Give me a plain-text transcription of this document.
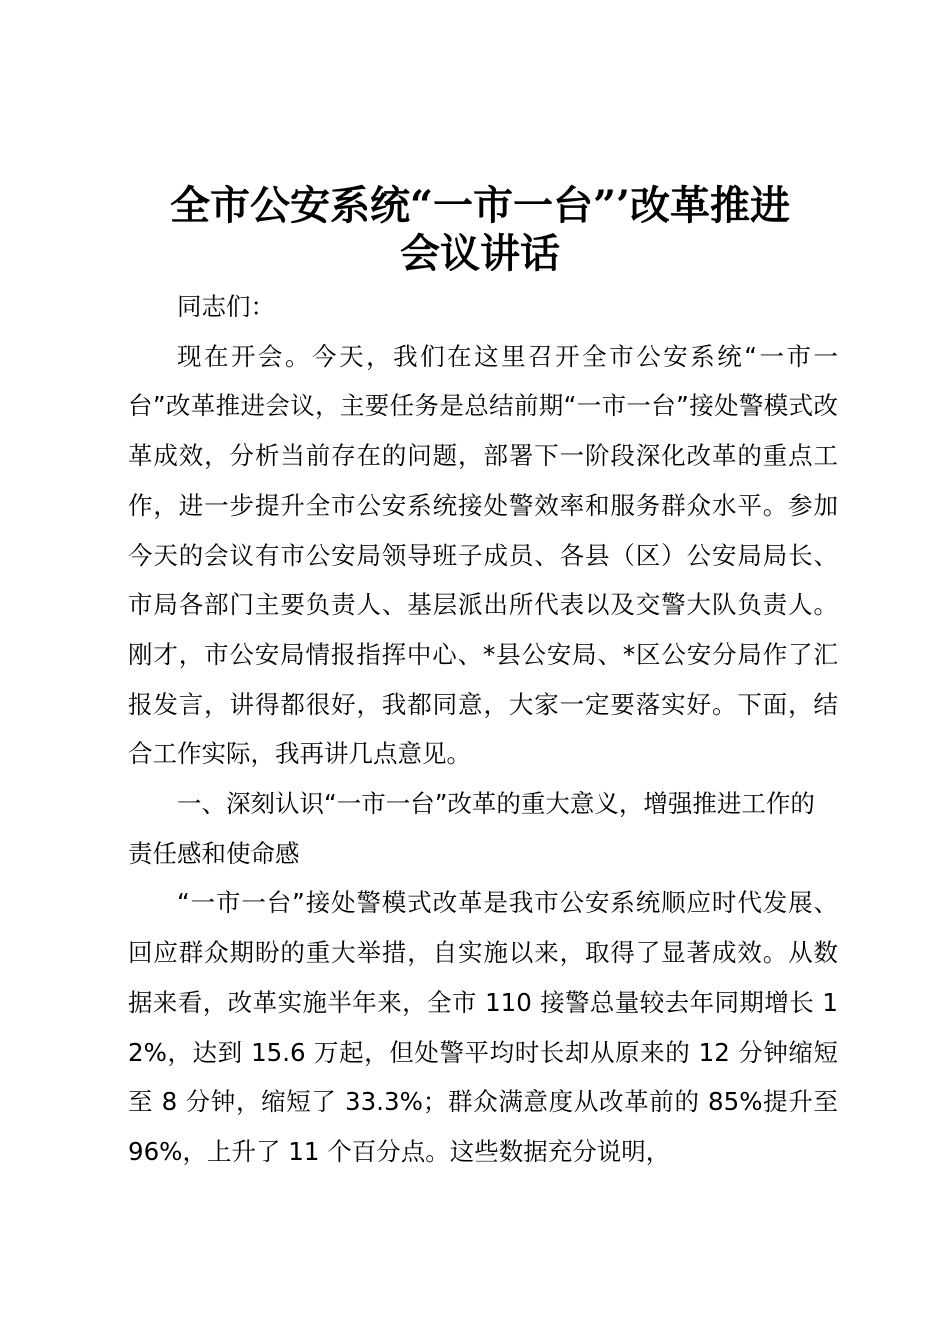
全市公安系统“一市一台”’改革推进
会议讲话

同志们：

现在开会。今天，我们在这里召开全市公安系统“一市一台”改革推进会议，主要任务是总结前期“一市一台”接处警模式改革成效，分析当前存在的问题，部署下一阶段深化改革的重点工作，进一步提升全市公安系统接处警效率和服务群众水平。参加今天的会议有市公安局领导班子成员、各县（区）公安局局长、市局各部门主要负责人、基层派出所代表以及交警大队负责人。刚才，市公安局情报指挥中心、*县公安局、*区公安分局作了汇报发言，讲得都很好，我都同意，大家一定要落实好。下面，结合工作实际，我再讲几点意见。

一、深刻认识“一市一台”改革的重大意义，增强推进工作的责任感和使命感

“一市一台”接处警模式改革是我市公安系统顺应时代发展、回应群众期盼的重大举措，自实施以来，取得了显著成效。从数据来看，改革实施半年来，全市 110 接警总量较去年同期增长 12%，达到 15.6 万起，但处警平均时长却从原来的 12 分钟缩短至 8 分钟，缩短了 33.3%；群众满意度从改革前的 85%提升至 96%，上升了 11 个百分点。这些数据充分说明，
